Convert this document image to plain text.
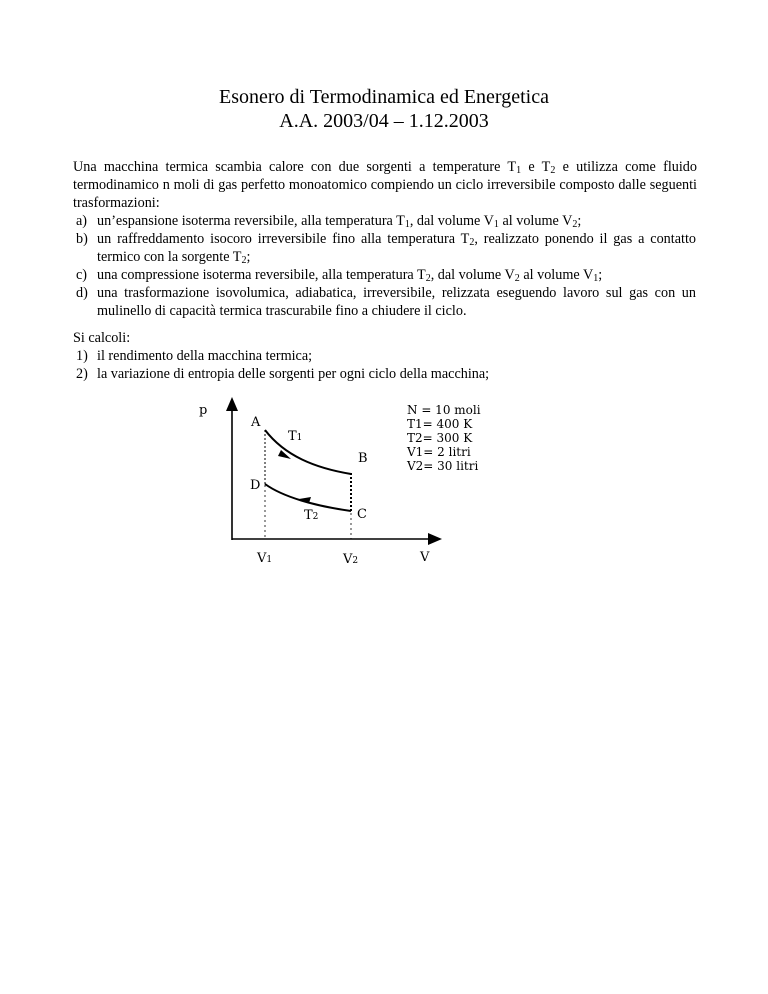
Esonero di Termodinamica ed Energetica
A.A. 2003/04 – 1.12.2003
Una macchina termica scambia calore con due sorgenti a temperature $T_1$ e $T_2$ e utilizza come fluido termodinamico n moli di gas perfetto monoatomico compiendo un ciclo irreversibile composto dalle seguenti trasformazioni:
a) un’espansione isoterma reversibile, alla temperatura $T_1$, dal volume $V_1$ al volume $V_2$;
b) un raffreddamento isocoro irreversibile fino alla temperatura $T_2$, realizzato ponendo il gas a contatto termico con la sorgente $T_2$;
c) una compressione isoterma reversibile, alla temperatura $T_2$, dal volume $V_2$ al volume $V_1$;
d) una trasformazione isovolumica, adiabatica, irreversibile, relizzata eseguendo lavoro sul gas con un mulinello di capacità termica trascurabile fino a chiudere il ciclo.
Si calcoli:
1) il rendimento della macchina termica;
2) la variazione di entropia delle sorgenti per ogni ciclo della macchina;
p
V
A
B
C
D
T1
T2
V1	V2
N = 10 moli
T1= 400 K
T2= 300 K
V1= 2 litri
V2= 30 litri
